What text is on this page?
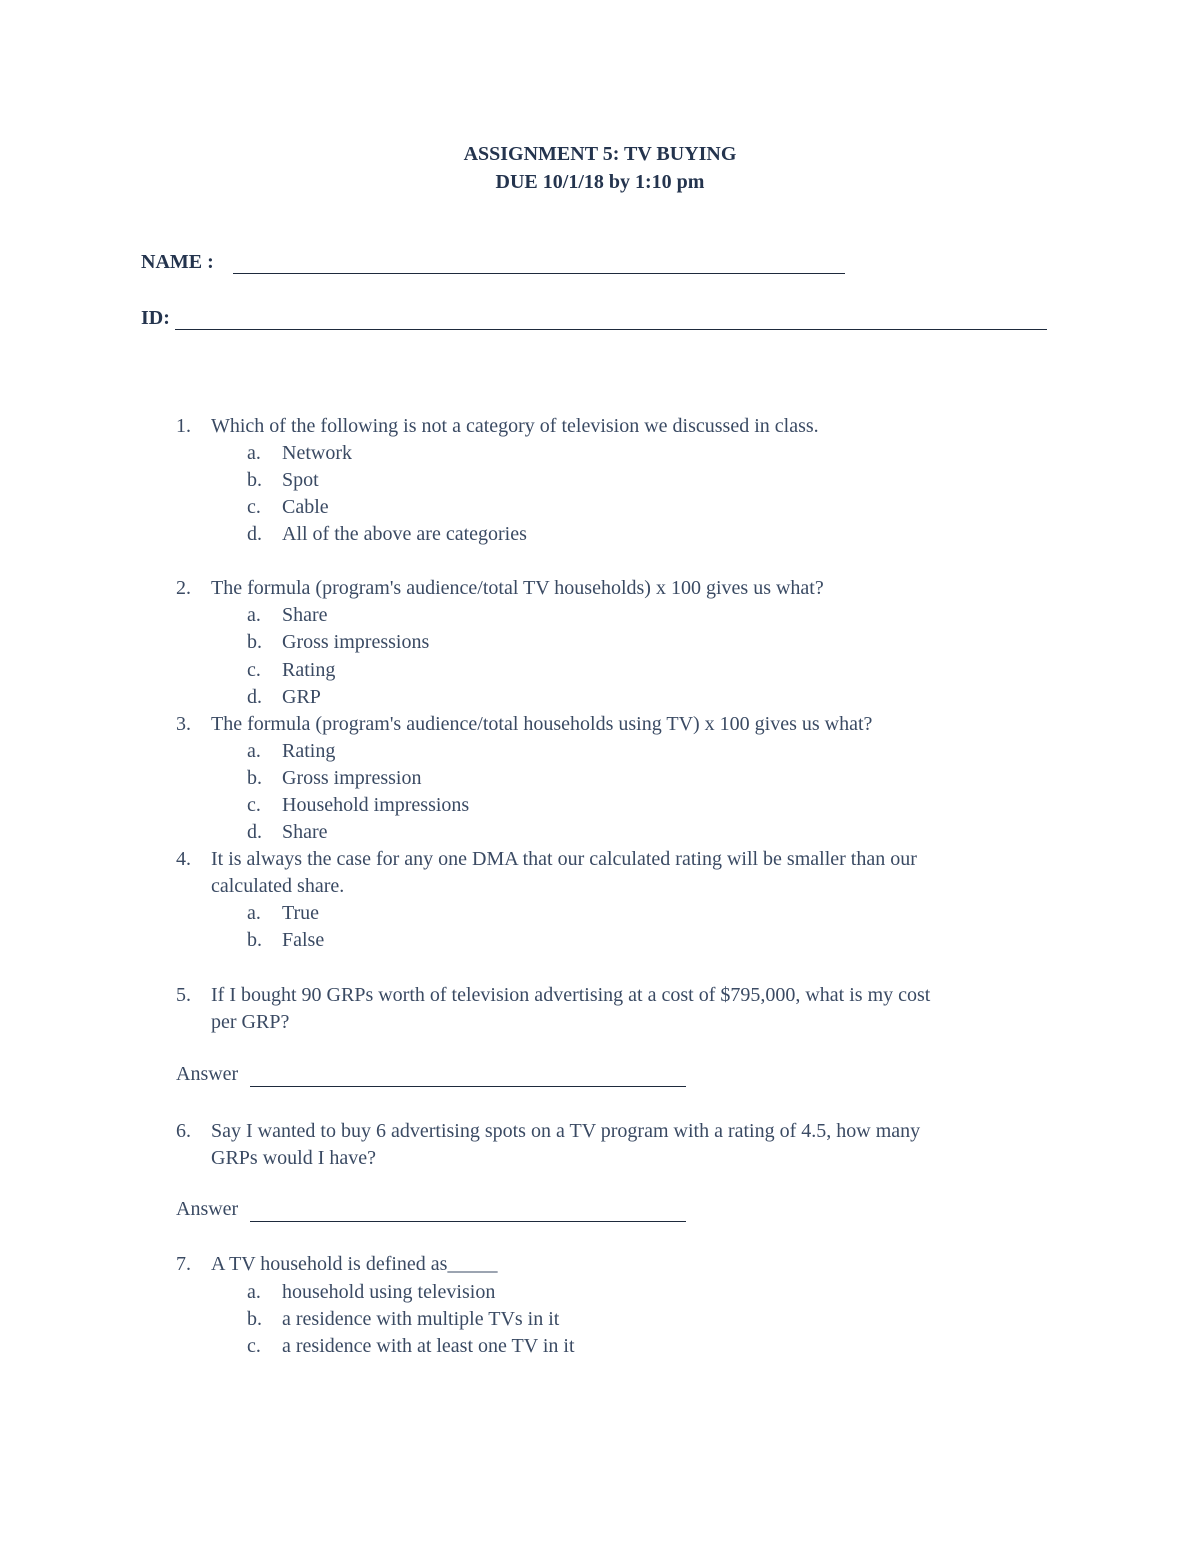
ASSIGNMENT 5: TV BUYING
DUE 10/1/18 by 1:10 pm
NAME :
ID:
1. Which of the following is not a category of television we discussed in class.
a.	Network
b. Spot
c.	Cable
d. All of the above are categories
2. The formula (program's audience/total TV households) x 100 gives us what?
a.	Share
b. Gross impressions
c.	Rating
d. GRP
3. The formula (program's audience/total households using TV) x 100 gives us what?
a.	Rating
b. Gross impression
c.	Household impressions
d. Share
4. It is always the case for any one DMA that our calculated rating will be smaller than our
calculated share.
a.	True
b. False
5. If I bought 90 GRPs worth of television advertising at a cost of $795,000, what is my cost
per GRP?
Answer
6. Say I wanted to buy 6 advertising spots on a TV program with a rating of 4.5, how many
GRPs would I have?
Answer
7. A TV household is defined as_____
a.	household using television
b. a residence with multiple TVs in it
c.	a residence with at least one TV in it
